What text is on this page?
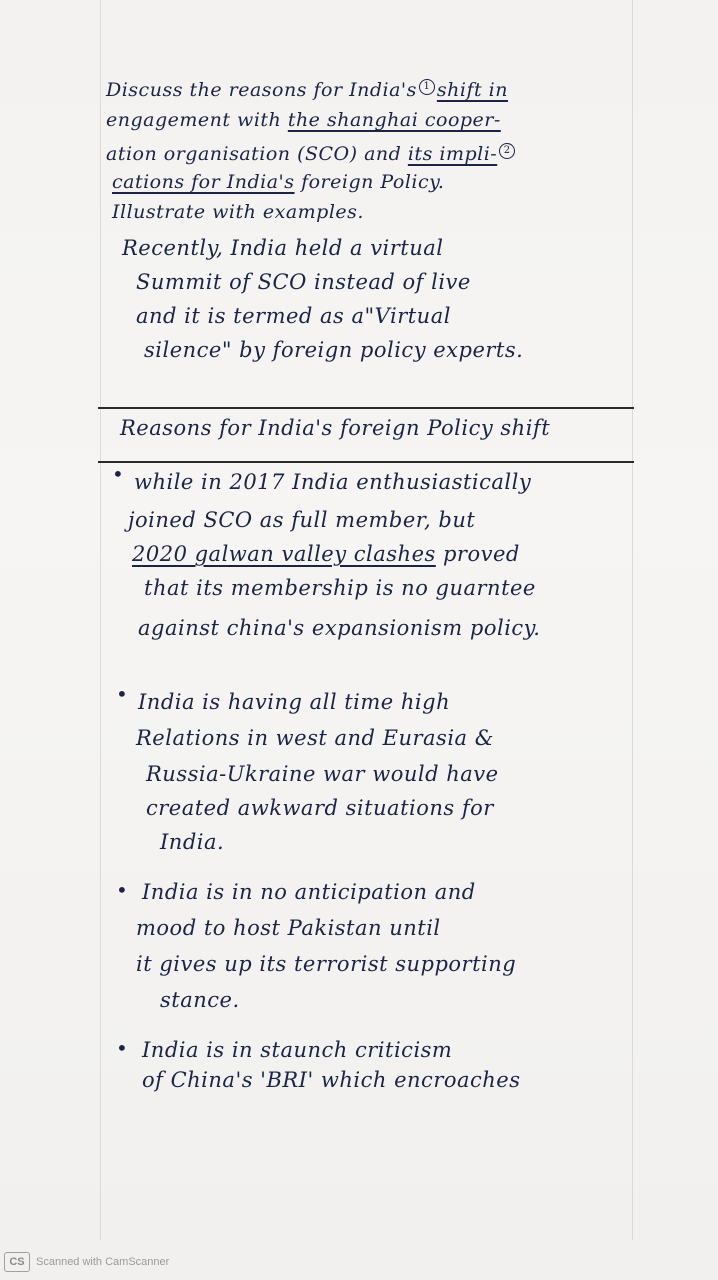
Discuss the reasons for India's 1 shift in
engagement with the shanghai cooper-
ation organisation (SCO) and its impli- 2
cations for India's foreign Policy.
Illustrate with examples.
Recently, India held a virtual
Summit of SCO instead of live
and it is termed as a"Virtual
silence" by foreign policy experts.
Reasons for India's foreign Policy shift
• while in 2017 India enthusiastically
joined SCO as full member, but
2020 galwan valley clashes proved
that its membership is no guarntee
against china's expansionism policy.
• India is having all time high
Relations in west and Eurasia &
Russia-Ukraine war would have
created awkward situations for
India.
• India is in no anticipation and
mood to host Pakistan until
it gives up its terrorist supporting
stance.
• India is in staunch criticism
of China's 'BRI' which encroaches
CS	Scanned with CamScanner
